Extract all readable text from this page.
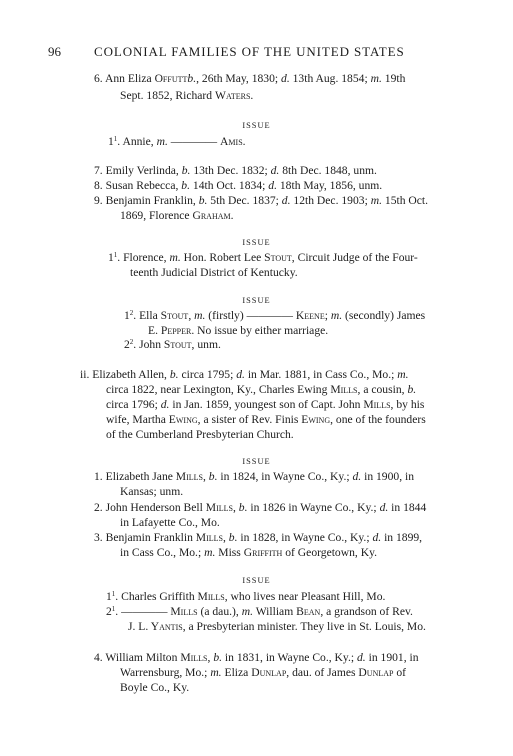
96	COLONIAL FAMILIES OF THE UNITED STATES
6. Ann Eliza Offuttb., 26th May, 1830; d. 13th Aug. 1854; m. 19th
Sept. 1852, Richard Waters.
ISSUE
$1^1$. Annie, m. ———— Amis.
7. Emily Verlinda, b. 13th Dec. 1832; d. 8th Dec. 1848, unm.
8. Susan Rebecca, b. 14th Oct. 1834; d. 18th May, 1856, unm.
9. Benjamin Franklin, b. 5th Dec. 1837; d. 12th Dec. 1903; m. 15th Oct.
1869, Florence Graham.
ISSUE
$1^1$. Florence, m. Hon. Robert Lee Stout, Circuit Judge of the Four-
teenth Judicial District of Kentucky.
ISSUE
$1^2$. Ella Stout, m. (firstly) ———— Keene; m. (secondly) James
E. Pepper. No issue by either marriage.
$2^2$. John Stout, unm.
ii. Elizabeth Allen, b. circa 1795; d. in Mar. 1881, in Cass Co., Mo.; m.
circa 1822, near Lexington, Ky., Charles Ewing Mills, a cousin, b.
circa 1796; d. in Jan. 1859, youngest son of Capt. John Mills, by his
wife, Martha Ewing, a sister of Rev. Finis Ewing, one of the founders
of the Cumberland Presbyterian Church.
ISSUE
1. Elizabeth Jane Mills, b. in 1824, in Wayne Co., Ky.; d. in 1900, in
Kansas; unm.
2. John Henderson Bell Mills, b. in 1826 in Wayne Co., Ky.; d. in 1844
in Lafayette Co., Mo.
3. Benjamin Franklin Mills, b. in 1828, in Wayne Co., Ky.; d. in 1899,
in Cass Co., Mo.; m. Miss Griffith of Georgetown, Ky.
ISSUE
$1^1$. Charles Griffith Mills, who lives near Pleasant Hill, Mo.
$2^1$. ———— Mills (a dau.), m. William Bean, a grandson of Rev.
J. L. Yantis, a Presbyterian minister. They live in St. Louis, Mo.
4. William Milton Mills, b. in 1831, in Wayne Co., Ky.; d. in 1901, in
Warrensburg, Mo.; m. Eliza Dunlap, dau. of James Dunlap of
Boyle Co., Ky.
